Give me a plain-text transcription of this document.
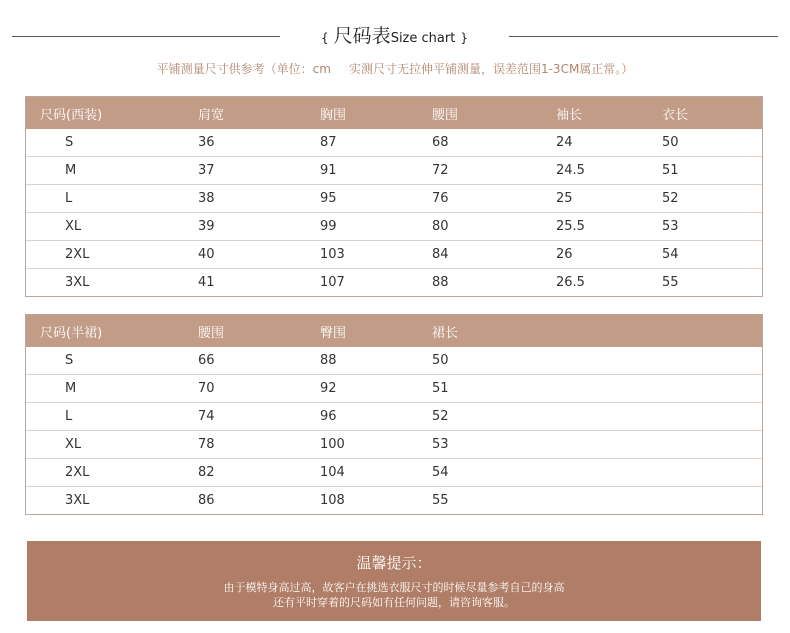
{ 尺码表Size chart }
平铺测量尺寸供参考（单位：cm 实测尺寸无拉伸平铺测量，误差范围1-3CM属正常。）
尺码(西装)	肩宽	胸围	腰围	袖长	衣长
S	36	87	68	24	50
M	37	91	72	24.5	51
L	38	95	76	25	52
XL	39	99	80	25.5	53
2XL	40	103	84	26	54
3XL	41	107	88	26.5	55
尺码(半裙)	腰围	臀围	裙长
S	66	88	50
M	70	92	51
L	74	96	52
XL	78	100	53
2XL	82	104	54
3XL	86	108	55
温馨提示：
由于模特身高过高，故客户在挑选衣服尺寸的时候尽量参考自己的身高
还有平时穿着的尺码如有任何问题，请咨询客服。
